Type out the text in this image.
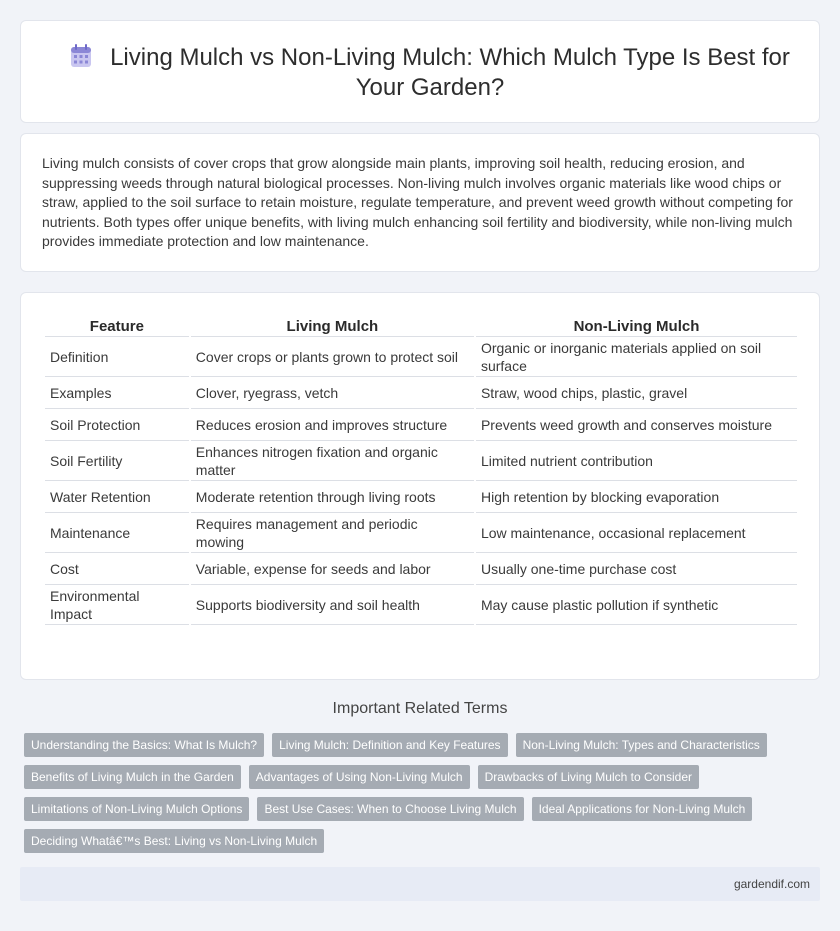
Living Mulch vs Non-Living Mulch: Which Mulch Type Is Best for Your Garden?

Living mulch consists of cover crops that grow alongside main plants, improving soil health, reducing erosion, and suppressing weeds through natural biological processes. Non-living mulch involves organic materials like wood chips or straw, applied to the soil surface to retain moisture, regulate temperature, and prevent weed growth without competing for nutrients. Both types offer unique benefits, with living mulch enhancing soil fertility and biodiversity, while non-living mulch provides immediate protection and low maintenance.

Feature	Living Mulch	Non-Living Mulch
Definition	Cover crops or plants grown to protect soil	Organic or inorganic materials applied on soil surface
Examples	Clover, ryegrass, vetch	Straw, wood chips, plastic, gravel
Soil Protection	Reduces erosion and improves structure	Prevents weed growth and conserves moisture
Soil Fertility	Enhances nitrogen fixation and organic matter	Limited nutrient contribution
Water Retention	Moderate retention through living roots	High retention by blocking evaporation
Maintenance	Requires management and periodic mowing	Low maintenance, occasional replacement
Cost	Variable, expense for seeds and labor	Usually one-time purchase cost
Environmental Impact	Supports biodiversity and soil health	May cause plastic pollution if synthetic
Important Related Terms
Understanding the Basics: What Is Mulch?	Living Mulch: Definition and Key Features	Non-Living Mulch: Types and Characteristics
Benefits of Living Mulch in the Garden	Advantages of Using Non-Living Mulch	Drawbacks of Living Mulch to Consider
Limitations of Non-Living Mulch Options	Best Use Cases: When to Choose Living Mulch	Ideal Applications for Non-Living Mulch
Deciding Whatâ€™s Best: Living vs Non-Living Mulch
gardendif.com
